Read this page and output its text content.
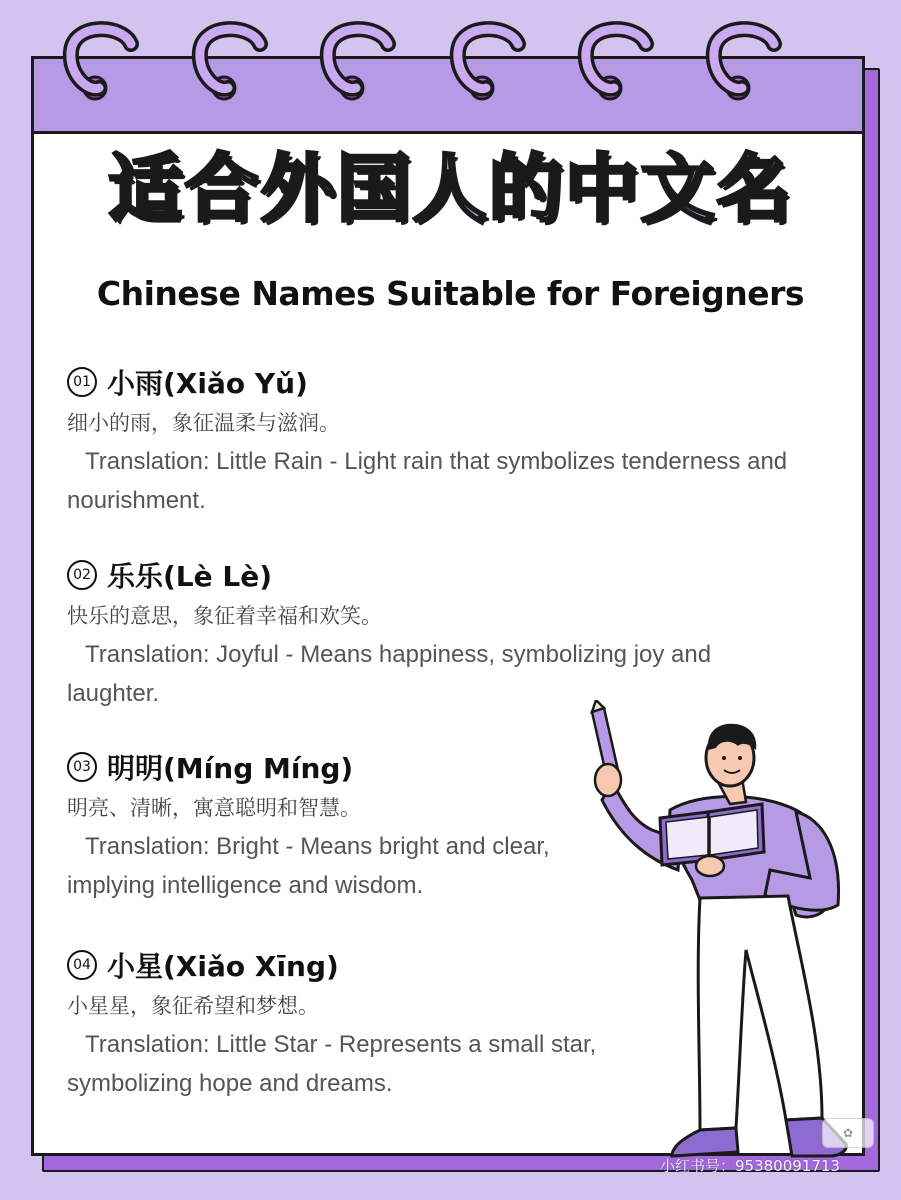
适合外国人的中文名
Chinese Names Suitable for Foreigners
01 小雨(Xiǎo Yǔ)
细小的雨，象征温柔与滋润。
Translation: Little Rain - Light rain that symbolizes tenderness and nourishment.
02 乐乐(Lè Lè)
快乐的意思，象征着幸福和欢笑。
Translation: Joyful - Means happiness, symbolizing joy and laughter.
03 明明(Míng Míng)
明亮、清晰，寓意聪明和智慧。
Translation: Bright - Means bright and clear, implying intelligence and wisdom.
04 小星(Xiǎo Xīng)
小星星，象征希望和梦想。
Translation: Little Star - Represents a small star, symbolizing hope and dreams.
✿
小红书号：95380091713
